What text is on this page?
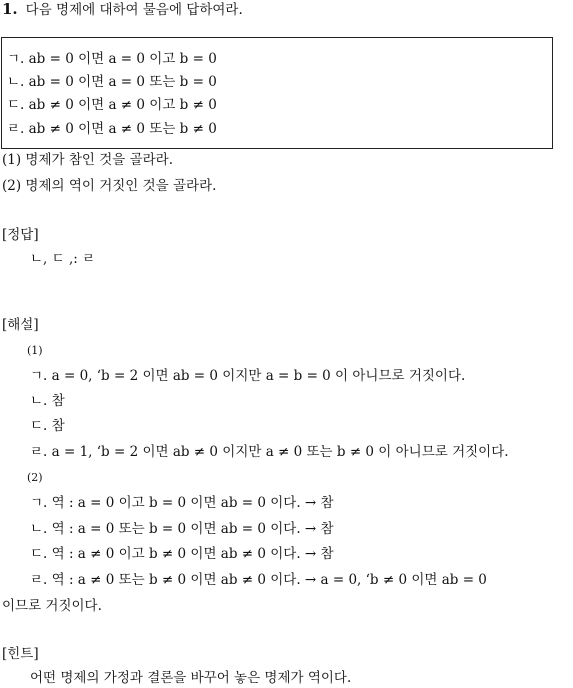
1. 다음 명제에 대하여 물음에 답하여라.
ㄱ. ab = 0 이면 a = 0 이고 b = 0
ㄴ. ab = 0 이면 a = 0 또는 b = 0
ㄷ. ab ≠ 0 이면 a ≠ 0 이고 b ≠ 0
ㄹ. ab ≠ 0 이면 a ≠ 0 또는 b ≠ 0
(1) 명제가 참인 것을 골라라.
(2) 명제의 역이 거짓인 것을 골라라.
[정답]
ㄴ, ㄷ ,: ㄹ
[해설]
(1)
ㄱ. a = 0, ‘b = 2 이면 ab = 0 이지만 a = b = 0 이 아니므로 거짓이다.
ㄴ. 참
ㄷ. 참
ㄹ. a = 1, ‘b = 2 이면 ab ≠ 0 이지만 a ≠ 0 또는 b ≠ 0 이 아니므로 거짓이다.
(2)
ㄱ. 역 : a = 0 이고 b = 0 이면 ab = 0 이다. → 참
ㄴ. 역 : a = 0 또는 b = 0 이면 ab = 0 이다. → 참
ㄷ. 역 : a ≠ 0 이고 b ≠ 0 이면 ab ≠ 0 이다. → 참
ㄹ. 역 : a ≠ 0 또는 b ≠ 0 이면 ab ≠ 0 이다. → a = 0, ‘b ≠ 0 이면 ab = 0
이므로 거짓이다.
[힌트]
어떤 명제의 가정과 결론을 바꾸어 놓은 명제가 역이다.
